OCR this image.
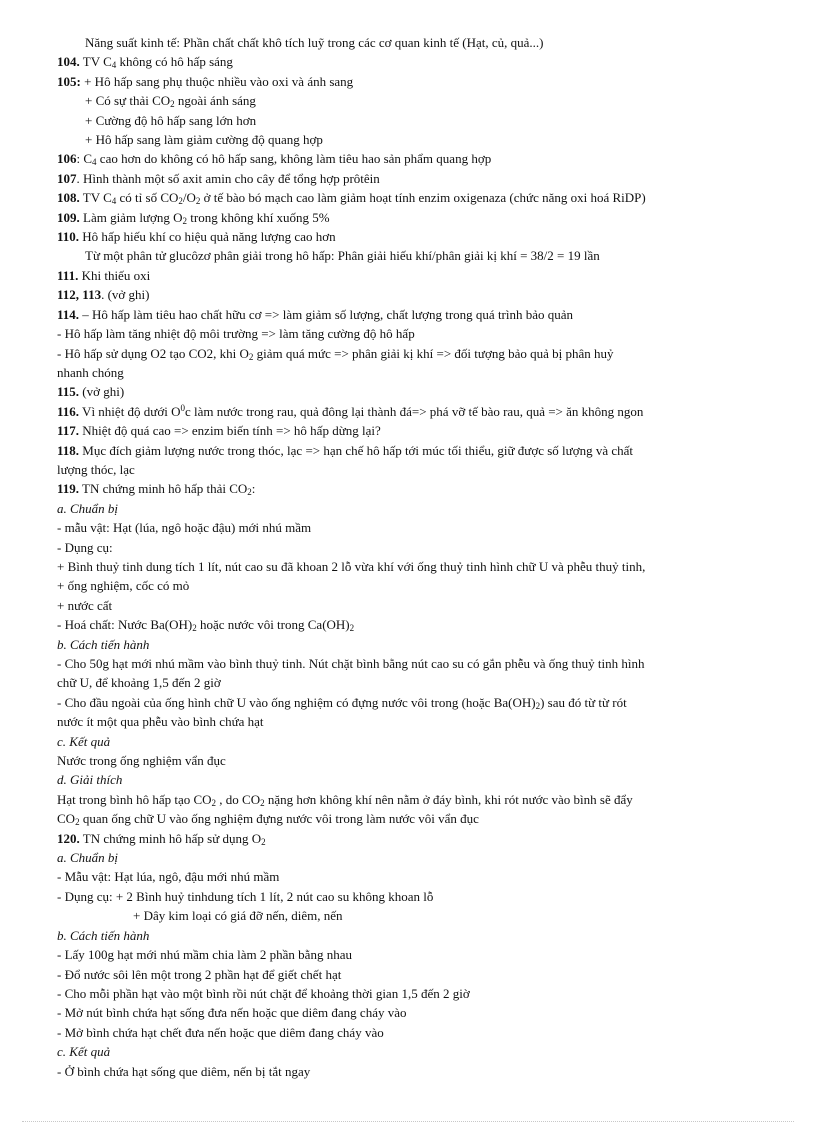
Năng suất kinh tế: Phần chất chất khô tích luỹ trong các cơ quan kinh tế (Hạt, củ, quả...)
104. TV $C_4$ không có hô hấp sáng
105: + Hô hấp sang phụ thuộc nhiều vào oxi và ánh sang
+ Có sự thải $CO_2$ ngoài ánh sáng
+ Cường độ hô hấp sang lớn hơn
+ Hô hấp sang làm giảm cường độ quang hợp
106: $C_4$ cao hơn do không có hô hấp sang, không làm tiêu hao sản phẩm quang hợp
107. Hình thành một số axit amin cho cây để tổng hợp prôtêin
108. TV $C_4$ có tỉ số $CO_2/O_2$ ở tế bào bó mạch cao làm giảm hoạt tính enzim oxigenaza (chức năng oxi hoá RiDP)
109. Làm giảm lượng $O_2$ trong không khí xuống 5%
110. Hô hấp hiếu khí co hiệu quả năng lượng cao hơn
Từ một phân tử glucôzơ phân giải trong hô hấp: Phân giải hiếu khí/phân giải kị khí = 38/2 = 19 lần
111. Khi thiếu oxi
112, 113. (vở ghi)
114. – Hô hấp làm tiêu hao chất hữu cơ => làm giảm số lượng, chất lượng trong quá trình bảo quản
- Hô hấp làm tăng nhiệt độ môi trường => làm tăng cường độ hô hấp
- Hô hấp sử dụng O2 tạo CO2, khi $O_2$ giảm quá mức => phân giải kị khí => đối tượng bảo quả bị phân huỷ
nhanh chóng
115. (vở ghi)
116. Vì nhiệt độ dưới $O^0c$ làm nước trong rau, quả đông lại thành đá=> phá vỡ tế bào rau, quả => ăn không ngon
117. Nhiệt độ quá cao => enzim biến tính => hô hấp dừng lại?
118. Mục đích giảm lượng nước trong thóc, lạc => hạn chế hô hấp tới múc tối thiểu, giữ được số lượng và chất
lượng thóc, lạc
119. TN chứng minh hô hấp thải $CO_2$:
a. Chuẩn bị
- mẫu vật: Hạt (lúa, ngô hoặc đậu) mới nhú mầm
- Dụng cụ:
+ Bình thuỷ tinh dung tích 1 lít, nút cao su đã khoan 2 lỗ vừa khí với ống thuỷ tinh hình chữ U và phễu thuỷ tinh,
+ ống nghiệm, cốc có mỏ
+ nước cất
- Hoá chất: Nước $Ba(OH)_2$ hoặc nước vôi trong $Ca(OH)_2$
b. Cách tiến hành
- Cho 50g hạt mới nhú mầm vào bình thuỷ tinh. Nút chặt bình bằng nút cao su có gắn phễu và ống thuỷ tinh hình
chữ U, để khoảng 1,5 đến 2 giờ
- Cho đầu ngoài của ống hình chữ U vào ống nghiệm có đựng nước vôi trong (hoặc $Ba(OH)_2$) sau đó từ từ rót
nước ít một qua phễu vào bình chứa hạt
c. Kết quả
Nước trong ống nghiệm vẩn đục
d. Giải thích
Hạt trong bình hô hấp tạo $CO_2$ , do $CO_2$ nặng hơn không khí nên nằm ở đáy bình, khi rót nước vào bình sẽ đẩy
$CO_2$ quan ống chữ U vào ống nghiệm đựng nước vôi trong làm nước vôi vẩn đục
120. TN chứng minh hô hấp sử dụng $O_2$
a. Chuẩn bị
- Mẫu vật: Hạt lúa, ngô, đậu mới nhú mầm
- Dụng cụ: + 2 Bình huỷ tinhdung tích 1 lít, 2 nút cao su không khoan lỗ
+ Dây kim loại có giá đỡ nến, diêm, nến
b. Cách tiến hành
- Lấy 100g hạt mới nhú mầm chia làm 2 phần bằng nhau
- Đổ nước sôi lên một trong 2 phần hạt để giết chết hạt
- Cho mỗi phần hạt vào một bình rồi nút chặt để khoảng thời gian 1,5 đến 2 giờ
- Mở nút bình chứa hạt sống đưa nến hoặc que diêm đang cháy vào
- Mở bình chứa hạt chết đưa nến hoặc que diêm đang cháy vào
c. Kết quả
- Ở bình chứa hạt sống que diêm, nến bị tắt ngay
